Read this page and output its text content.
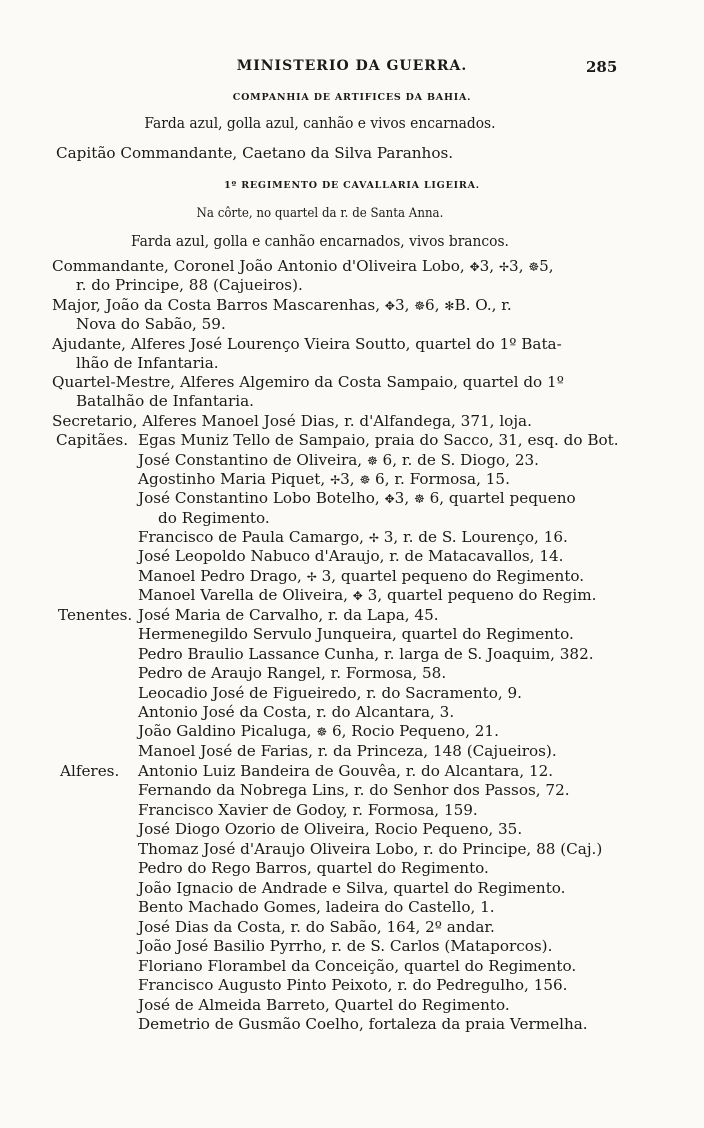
MINISTERIO DA GUERRA.	285
COMPANHIA DE ARTIFICES DA BAHIA.
Farda azul, golla azul, canhão e vivos encarnados.
Capitão Commandante, Caetano da Silva Paranhos.
1º REGIMENTO DE CAVALLARIA LIGEIRA.
Na côrte, no quartel da r. de Santa Anna.
Farda azul, golla e canhão encarnados, vivos brancos.
Commandante, Coronel João Antonio d'Oliveira Lobo, ✥3, ✢3, ☸5,
r. do Principe, 88 (Cajueiros).
Major, João da Costa Barros Mascarenhas, ✥3, ☸6, ✻B. O., r.
Nova do Sabão, 59.
Ajudante, Alferes José Lourenço Vieira Soutto, quartel do 1º Bata-
lhão de Infantaria.
Quartel-Mestre, Alferes Algemiro da Costa Sampaio, quartel do 1º
Batalhão de Infantaria.
Secretario, Alferes Manoel José Dias, r. d'Alfandega, 371, loja.
Capitães. Egas Muniz Tello de Sampaio, praia do Sacco, 31, esq. do Bot.
José Constantino de Oliveira, ☸ 6, r. de S. Diogo, 23.
Agostinho Maria Piquet, ✢3, ☸ 6, r. Formosa, 15.
José Constantino Lobo Botelho, ✥3, ☸ 6, quartel pequeno
do Regimento.
Francisco de Paula Camargo, ✢ 3, r. de S. Lourenço, 16.
José Leopoldo Nabuco d'Araujo, r. de Matacavallos, 14.
Manoel Pedro Drago, ✢ 3, quartel pequeno do Regimento.
Manoel Varella de Oliveira, ✥ 3, quartel pequeno do Regim.
Tenentes. José Maria de Carvalho, r. da Lapa, 45.
Hermenegildo Servulo Junqueira, quartel do Regimento.
Pedro Braulio Lassance Cunha, r. larga de S. Joaquim, 382.
Pedro de Araujo Rangel, r. Formosa, 58.
Leocadio José de Figueiredo, r. do Sacramento, 9.
Antonio José da Costa, r. do Alcantara, 3.
João Galdino Picaluga, ☸ 6, Rocio Pequeno, 21.
Manoel José de Farias, r. da Princeza, 148 (Cajueiros).
Alferes. Antonio Luiz Bandeira de Gouvêa, r. do Alcantara, 12.
Fernando da Nobrega Lins, r. do Senhor dos Passos, 72.
Francisco Xavier de Godoy, r. Formosa, 159.
José Diogo Ozorio de Oliveira, Rocio Pequeno, 35.
Thomaz José d'Araujo Oliveira Lobo, r. do Principe, 88 (Caj.)
Pedro do Rego Barros, quartel do Regimento.
João Ignacio de Andrade e Silva, quartel do Regimento.
Bento Machado Gomes, ladeira do Castello, 1.
José Dias da Costa, r. do Sabão, 164, 2º andar.
João José Basilio Pyrrho, r. de S. Carlos (Mataporcos).
Floriano Florambel da Conceição, quartel do Regimento.
Francisco Augusto Pinto Peixoto, r. do Pedregulho, 156.
José de Almeida Barreto, Quartel do Regimento.
Demetrio de Gusmão Coelho, fortaleza da praia Vermelha.
